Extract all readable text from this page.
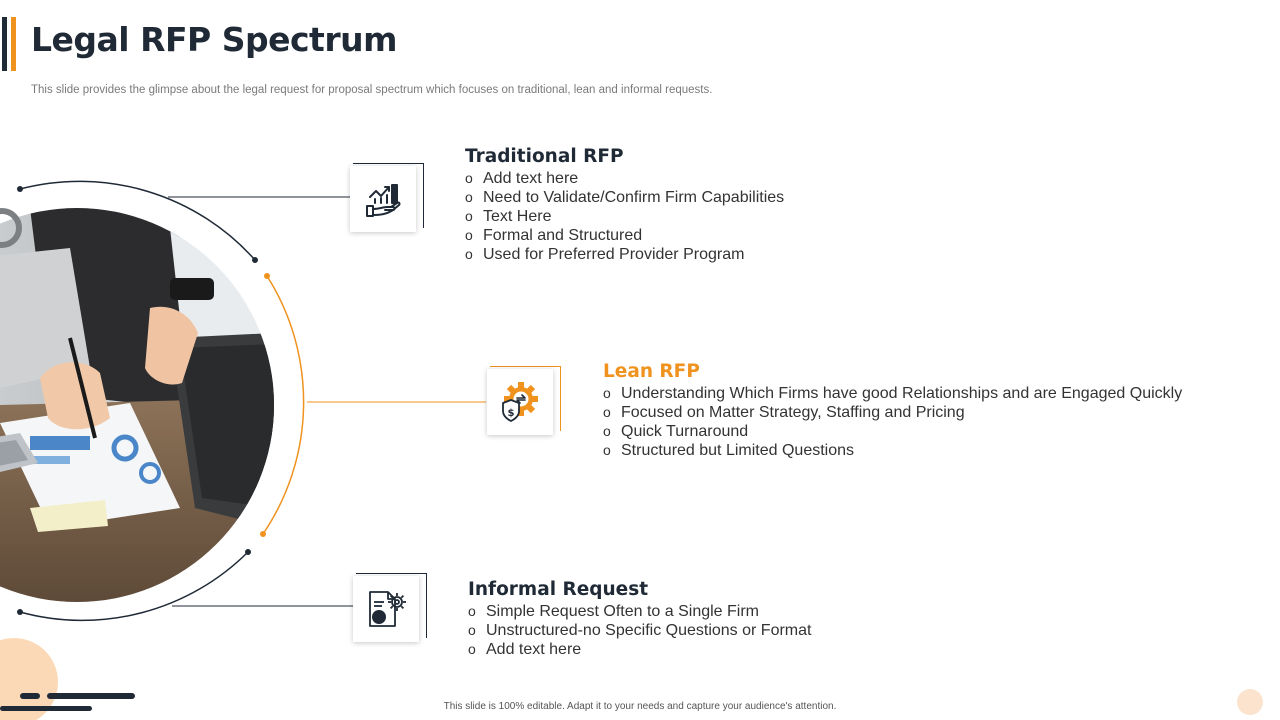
Legal RFP Spectrum

This slide provides the glimpse about the legal request for proposal spectrum which focuses on traditional, lean and informal requests.

Traditional RFP
o Add text here
o Need to Validate/Confirm Firm Capabilities
o Text Here
o Formal and Structured
o Used for Preferred Provider Program
$
Lean RFP
o Understanding Which Firms have good Relationships and are Engaged Quickly
o Focused on Matter Strategy, Staffing and Pricing
o Quick Turnaround
o Structured but Limited Questions
Informal Request
o Simple Request Often to a Single Firm
o Unstructured-no Specific Questions or Format
o Add text here
This slide is 100% editable. Adapt it to your needs and capture your audience's attention.
